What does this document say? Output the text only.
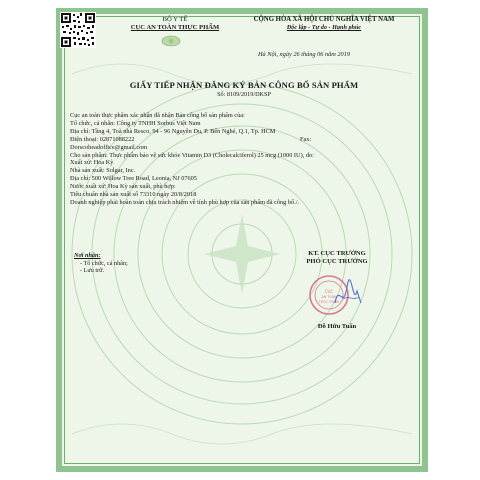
BỘ Y TẾ
CỤC AN TOÀN THỰC PHẨM
CỘNG HÒA XÃ HỘI CHỦ NGHĨA VIỆT NAM
Độc lập - Tự do - Hạnh phúc
Hà Nội, ngày 26 tháng 06 năm 2019
GIẤY TIẾP NHẬN ĐĂNG KÝ BẢN CÔNG BỐ SẢN PHẨM
Số: 8109/2019/DKSP
Cục an toàn thực phẩm xác nhận đã nhận Bản công bố sản phẩm của:
Tổ chức, cá nhân: Công ty TNHH Sorbus Việt Nam
Địa chỉ: Tầng 4, Toà nhà Resco, 94 - 96 Nguyễn Du, P. Bến Nghé, Q.1, Tp. HCM
Điện thoại: 02871088222	Fax:
Dorscoheadoffice@gmail.com
Cho sản phẩm: Thực phẩm bảo vệ sức khỏe Vitamin D3 (Cholecalciferol) 25 mcg (1000 IU), do:
Xuất xứ: Hoa Kỳ
Nhà sản xuất: Solgar, Inc.
Địa chỉ: 500 Willow Tree Road, Leonia, NJ 07605
Nước xuất xứ: Hoa Kỳ sản xuất, phù hợp:
Tiêu chuẩn nhà sản xuất số 73310 ngày 20/8/2018
Doanh nghiệp phải hoàn toàn chịu trách nhiệm về tính phù hợp của sản phẩm đã công bố./.
Nơi nhận:
- Tổ chức, cá nhân;
- Lưu trữ.
KT. CỤC TRƯỞNG
PHÓ CỤC TRƯỞNG
CỤC
AN TOÀN
THỰC PHẨM
Đỗ Hữu Tuấn
